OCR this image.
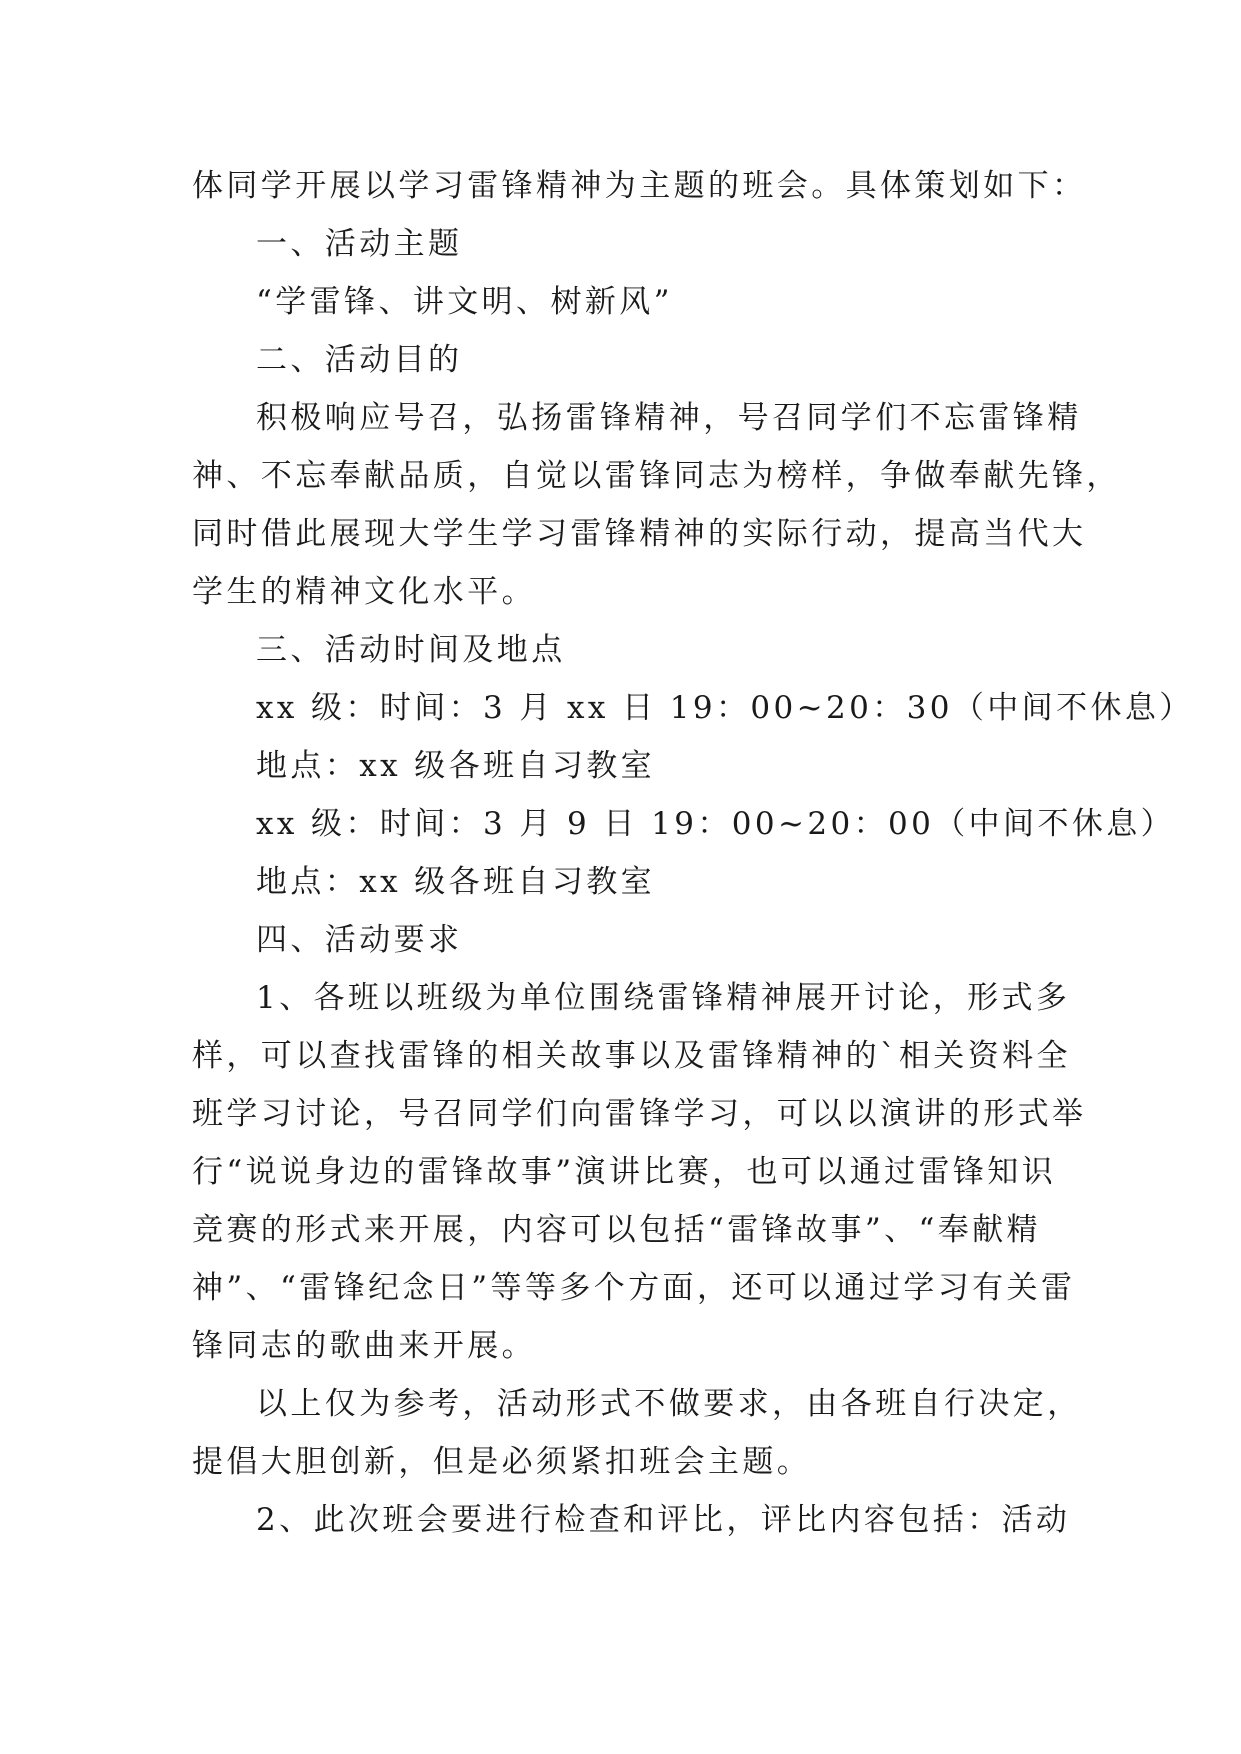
体同学开展以学习雷锋精神为主题的班会。具体策划如下：
一、活动主题
“学雷锋、讲文明、树新风”
二、活动目的
积极响应号召，弘扬雷锋精神，号召同学们不忘雷锋精
神、不忘奉献品质，自觉以雷锋同志为榜样，争做奉献先锋，
同时借此展现大学生学习雷锋精神的实际行动，提高当代大
学生的精神文化水平。
三、活动时间及地点
xx 级：时间：3 月 xx 日 19：00~20：30（中间不休息）
地点：xx 级各班自习教室
xx 级：时间：3 月 9 日 19：00~20：00（中间不休息）
地点：xx 级各班自习教室
四、活动要求
1、各班以班级为单位围绕雷锋精神展开讨论，形式多
样，可以查找雷锋的相关故事以及雷锋精神的`相关资料全
班学习讨论，号召同学们向雷锋学习，可以以演讲的形式举
行“说说身边的雷锋故事”演讲比赛，也可以通过雷锋知识
竞赛的形式来开展，内容可以包括“雷锋故事”、“奉献精
神”、“雷锋纪念日”等等多个方面，还可以通过学习有关雷
锋同志的歌曲来开展。
以上仅为参考，活动形式不做要求，由各班自行决定，
提倡大胆创新，但是必须紧扣班会主题。
2、此次班会要进行检查和评比，评比内容包括：活动
